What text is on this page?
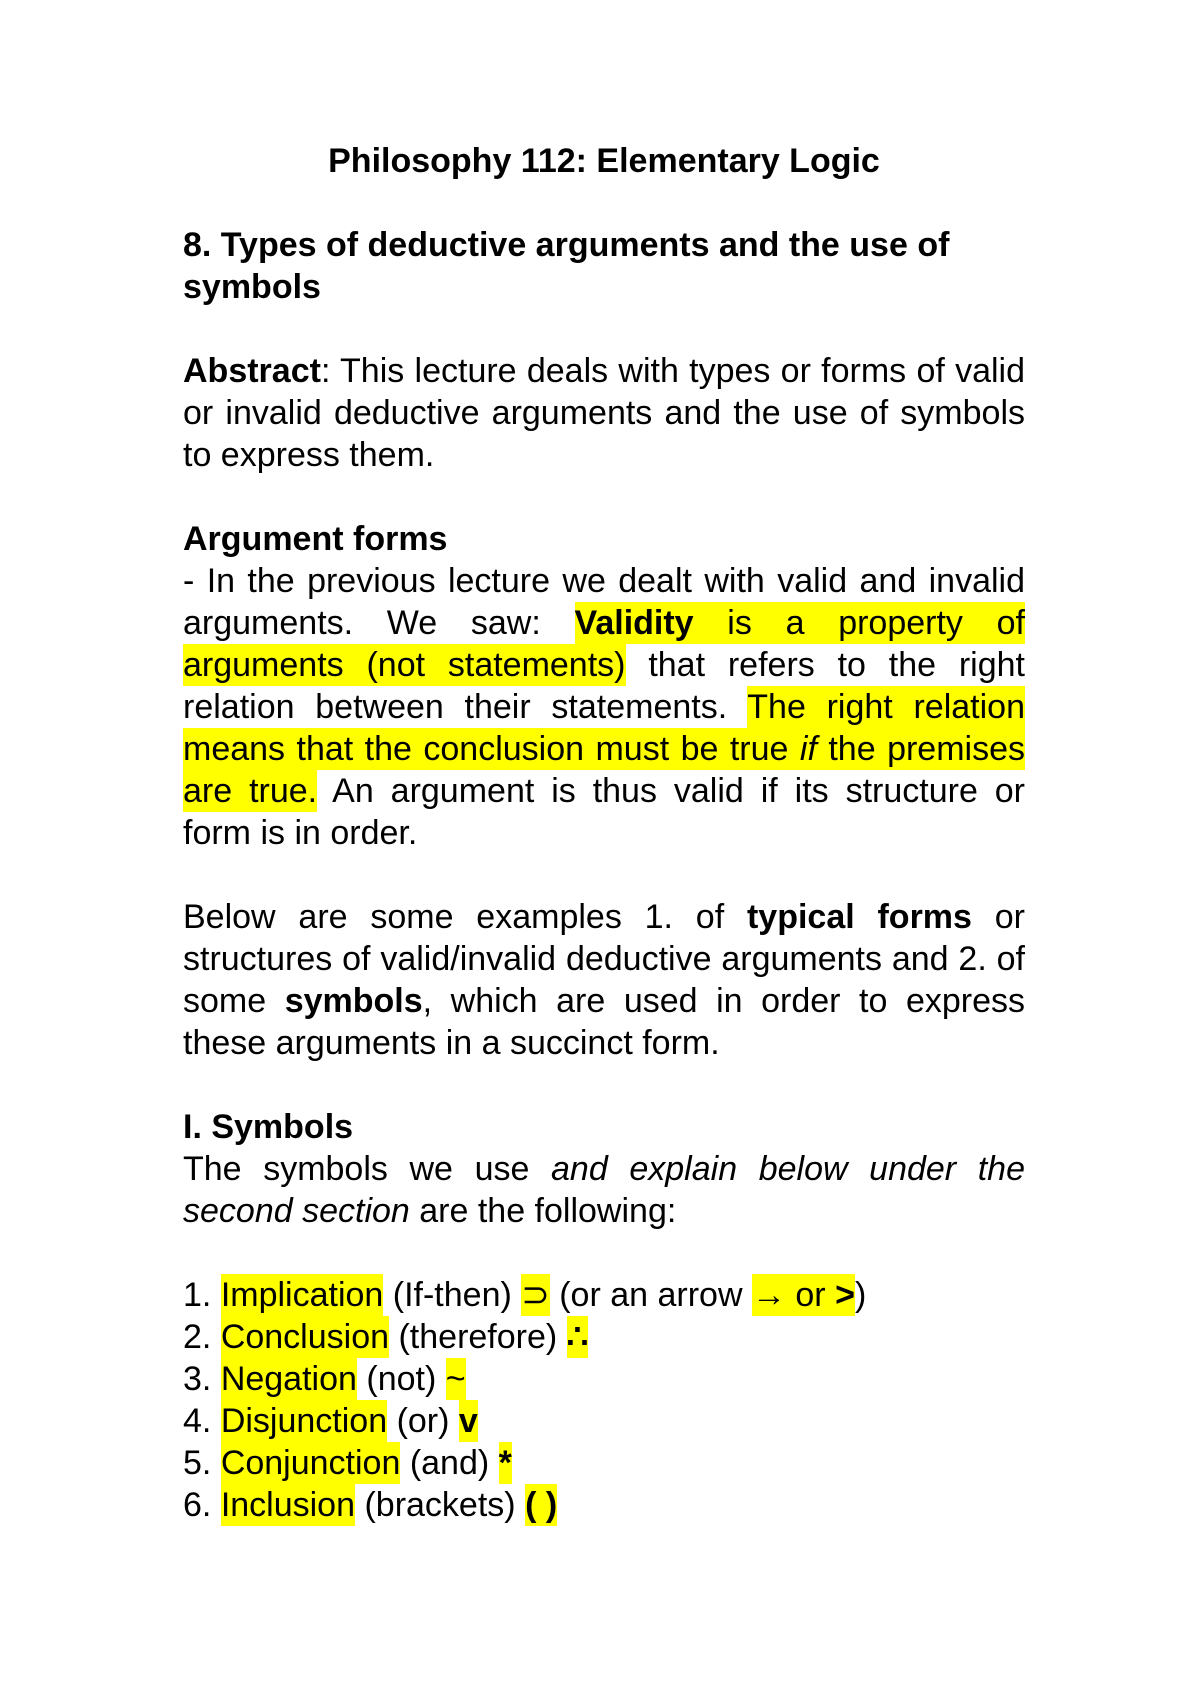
Philosophy 112: Elementary Logic

8. Types of deductive arguments and the use of symbols

Abstract: This lecture deals with types or forms of valid or invalid deductive arguments and the use of symbols to express them.

Argument forms

- In the previous lecture we dealt with valid and invalid arguments. We saw: Validity is a property of arguments (not statements) that refers to the right relation between their statements. The right relation means that the conclusion must be true if the premises are true. An argument is thus valid if its structure or form is in order.

Below are some examples 1. of typical forms or structures of valid/invalid deductive arguments and 2. of some symbols, which are used in order to express these arguments in a succinct form.

I. Symbols

The symbols we use and explain below under the second section are the following:

1. Implication (If-then) ⊃ (or an arrow → or >)
2. Conclusion (therefore) ∴
3. Negation (not) ~
4. Disjunction (or) v
5. Conjunction (and) *
6. Inclusion (brackets) ( )
